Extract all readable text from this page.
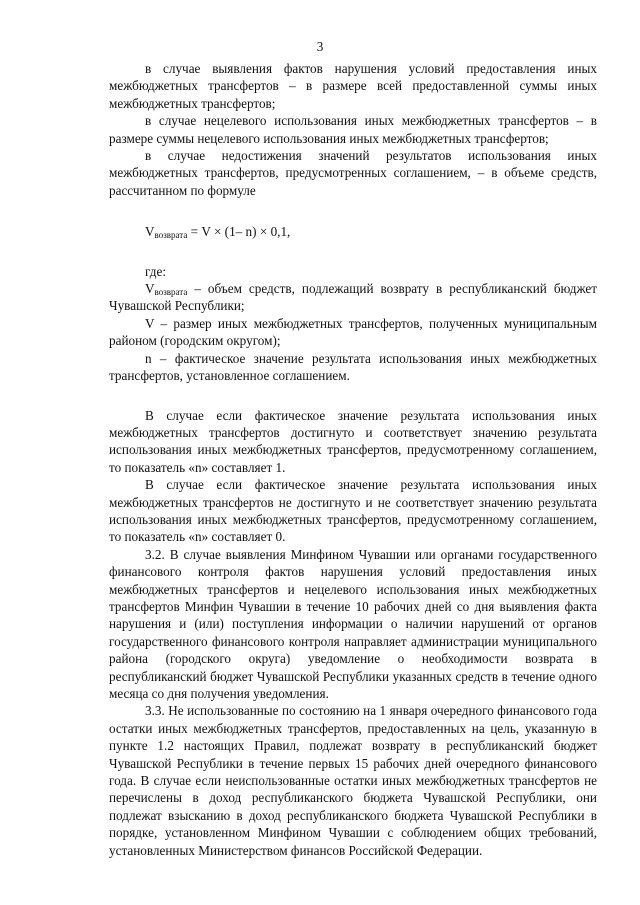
3

в случае выявления фактов нарушения условий предоставления иных межбюджетных трансфертов – в размере всей предоставленной суммы иных межбюджетных трансфертов;

в случае нецелевого использования иных межбюджетных трансфертов – в размере суммы нецелевого использования иных межбюджетных трансфертов;

в случае недостижения значений результатов использования иных межбюджетных трансфертов, предусмотренных соглашением, – в объеме средств, рассчитанном по формуле

$V_{возврата} = V \times (1-$ n) × 0,1,

где:

$V_{возврата}$ – объем средств, подлежащий возврату в республиканский бюджет Чувашской Республики;

V – размер иных межбюджетных трансфертов, полученных муниципальным районом (городским округом);

n – фактическое значение результата использования иных межбюджетных трансфертов, установленное соглашением.

В случае если фактическое значение результата использования иных межбюджетных трансфертов достигнуто и соответствует значению результата использования иных межбюджетных трансфертов, предусмотренному соглашением, то показатель «n» составляет 1.

В случае если фактическое значение результата использования иных межбюджетных трансфертов не достигнуто и не соответствует значению результата использования иных межбюджетных трансфертов, предусмотренному соглашением, то показатель «n» составляет 0.

3.2. В случае выявления Минфином Чувашии или органами государственного финансового контроля фактов нарушения условий предоставления иных межбюджетных трансфертов и нецелевого использования иных межбюджетных трансфертов Минфин Чувашии в течение 10 рабочих дней со дня выявления факта нарушения и (или) поступления информации о наличии нарушений от органов государственного финансового контроля направляет администрации муниципального района (городского округа) уведомление о необходимости возврата в республиканский бюджет Чувашской Республики указанных средств в течение одного месяца со дня получения уведомления.

3.3. Не использованные по состоянию на 1 января очередного финансового года остатки иных межбюджетных трансфертов, предоставленных на цель, указанную в пункте 1.2 настоящих Правил, подлежат возврату в республиканский бюджет Чувашской Республики в течение первых 15 рабочих дней очередного финансового года. В случае если неиспользованные остатки иных межбюджетных трансфертов не перечислены в доход республиканского бюджета Чувашской Республики, они подлежат взысканию в доход республиканского бюджета Чувашской Республики в порядке, установленном Минфином Чувашии с соблюдением общих требований, установленных Министерством финансов Российской Федерации.
